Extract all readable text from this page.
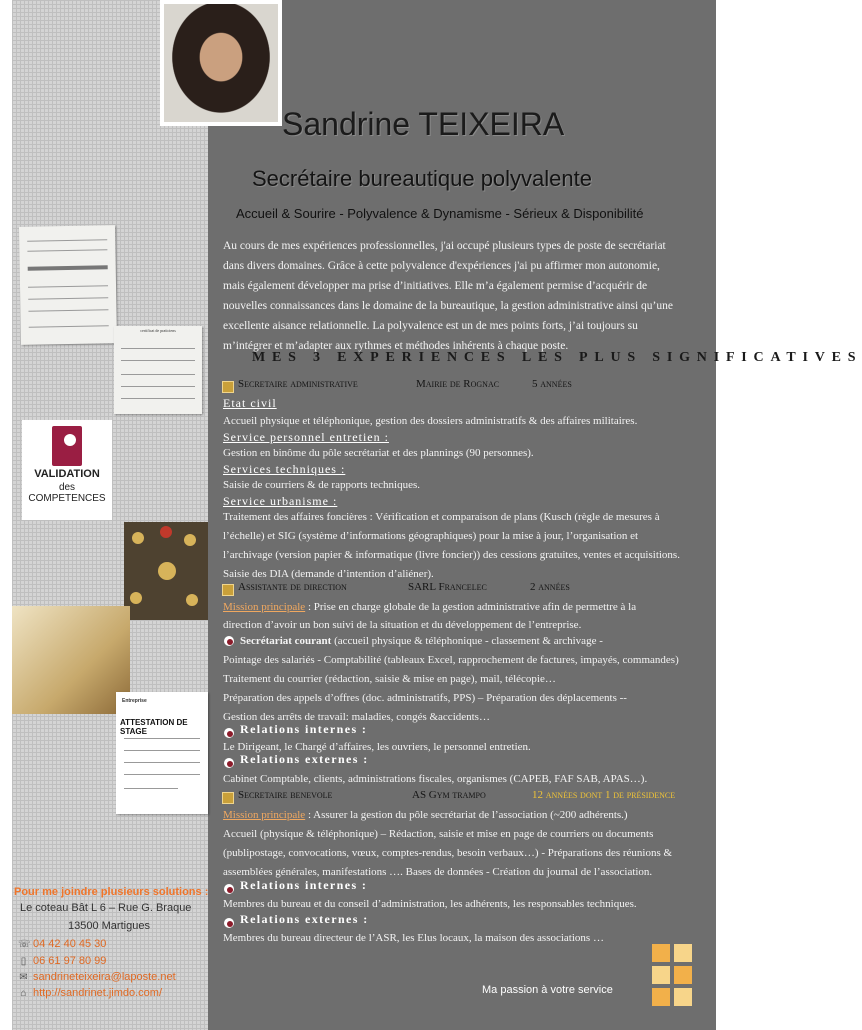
certificat de praticiens
VALIDATION
des COMPETENCES
Entreprise
ATTESTATION DE STAGE
Pour me joindre plusieurs solutions :
Le coteau Bât L 6 – Rue G. Braque
13500 Martigues
☏ 04 42 40 45 30
▯ 06 61 97 80 99
✉ sandrineteixeira@laposte.net
⌂ http://sandrinet.jimdo.com/
Sandrine TEIXEIRA
Secrétaire bureautique polyvalente
Accueil & Sourire - Polyvalence & Dynamisme - Sérieux & Disponibilité
Au cours de mes expériences professionnelles, j'ai occupé plusieurs types de poste de secrétariat
dans divers domaines. Grâce à cette polyvalence d'expériences j'ai pu affirmer mon autonomie,
mais également développer ma prise d’initiatives. Elle m’a également permise d’acquérir de
nouvelles connaissances dans le domaine de la bureautique, la gestion administrative ainsi qu’une
excellente aisance relationnelle. La polyvalence est un de mes points forts, j’ai toujours su
m’intégrer et m’adapter aux rythmes et méthodes inhérents à chaque poste.
MES 3 EXPERIENCES LES PLUS SIGNIFICATIVES
Secretaire administrative	Mairie de Rognac	5 années
Etat civil
Accueil physique et téléphonique, gestion des dossiers administratifs & des affaires militaires.
Service personnel entretien :
Gestion en binôme du pôle secrétariat et des plannings (90 personnes).
Services techniques :
Saisie de courriers & de rapports techniques.
Service urbanisme :
Traitement des affaires foncières : Vérification et comparaison de plans (Kusch (règle de mesures à
l’échelle) et SIG (système d’informations géographiques) pour la mise à jour, l’organisation et
l’archivage (version papier & informatique (livre foncier)) des cessions gratuites, ventes et acquisitions.
Saisie des DIA (demande d’intention d’aliéner).
Assistante de direction	SARL Francelec	2 années
Mission principale : Prise en charge globale de la gestion administrative afin de permettre à la
direction d’avoir un bon suivi de la situation et du développement de l’entreprise.
Secrétariat courant (accueil physique & téléphonique - classement & archivage -
Pointage des salariés - Comptabilité (tableaux Excel, rapprochement de factures, impayés, commandes)
Traitement du courrier (rédaction, saisie & mise en page), mail, télécopie…
Préparation des appels d’offres (doc. administratifs, PPS) – Préparation des déplacements --
Gestion des arrêts de travail: maladies, congés &accidents…
Relations internes :
Le Dirigeant, le Chargé d’affaires, les ouvriers, le personnel entretien.
Relations externes :
Cabinet Comptable, clients, administrations fiscales, organismes (CAPEB, FAF SAB, APAS…).
Secretaire benevole	AS Gym trampo	12 années dont 1 de présidence
Mission principale : Assurer la gestion du pôle secrétariat de l’association (~200 adhérents.)
Accueil (physique & téléphonique) – Rédaction, saisie et mise en page de courriers ou documents
(publipostage, convocations, vœux, comptes-rendus, besoin verbaux…) - Préparations des réunions &
assemblées générales, manifestations …. Bases de données - Création du journal de l’association.
Relations internes :
Membres du bureau et du conseil d’administration, les adhérents, les responsables techniques.
Relations externes :
Membres du bureau directeur de l’ASR, les Elus locaux, la maison des associations …
Ma passion à votre service
